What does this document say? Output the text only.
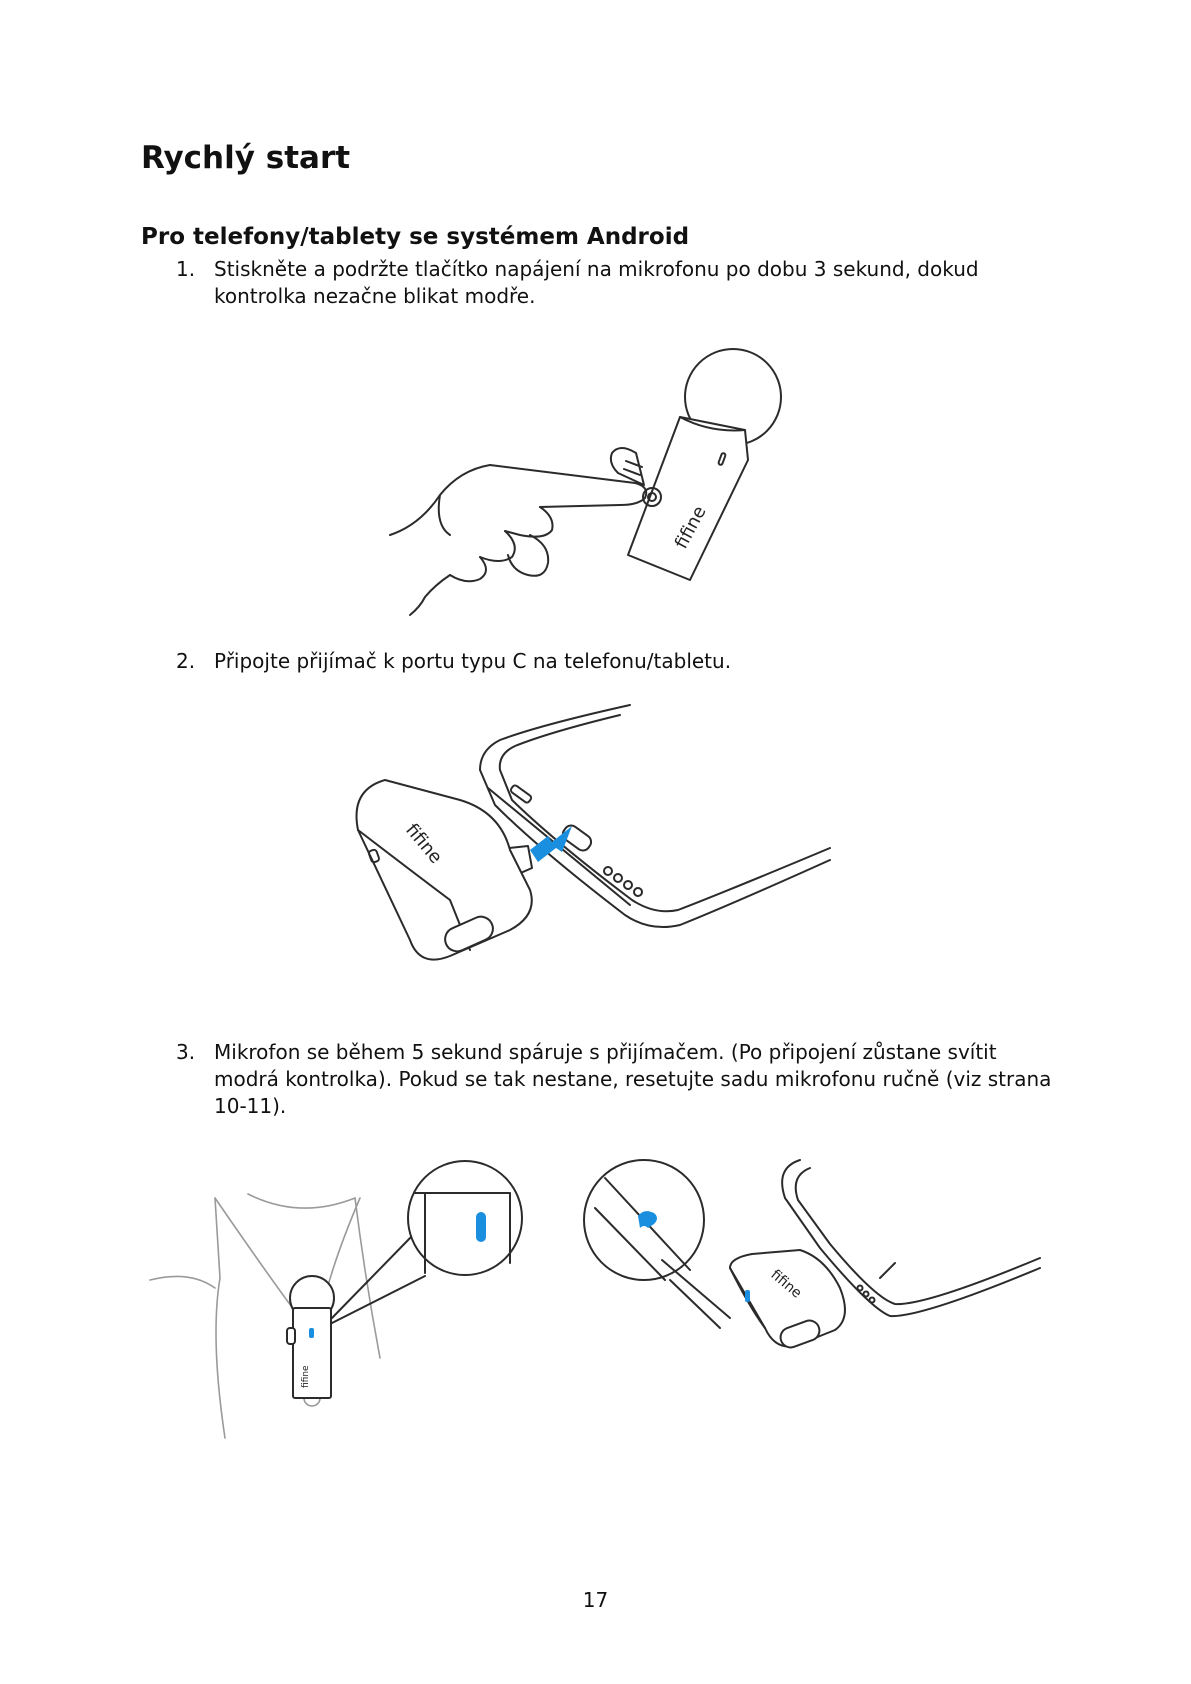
Rychlý start
Pro telefony/tablety se systémem Android
1. Stiskněte a podržte tlačítko napájení na mikrofonu po dobu 3 sekund, dokud
kontrolka nezačne blikat modře.
fifine
2. Připojte přijímač k portu typu C na telefonu/tabletu.
fifine
3. Mikrofon se během 5 sekund spáruje s přijímačem. (Po připojení zůstane svítit
modrá kontrolka). Pokud se tak nestane, resetujte sadu mikrofonu ručně (viz strana
10-11).
fifine
fifine
17
